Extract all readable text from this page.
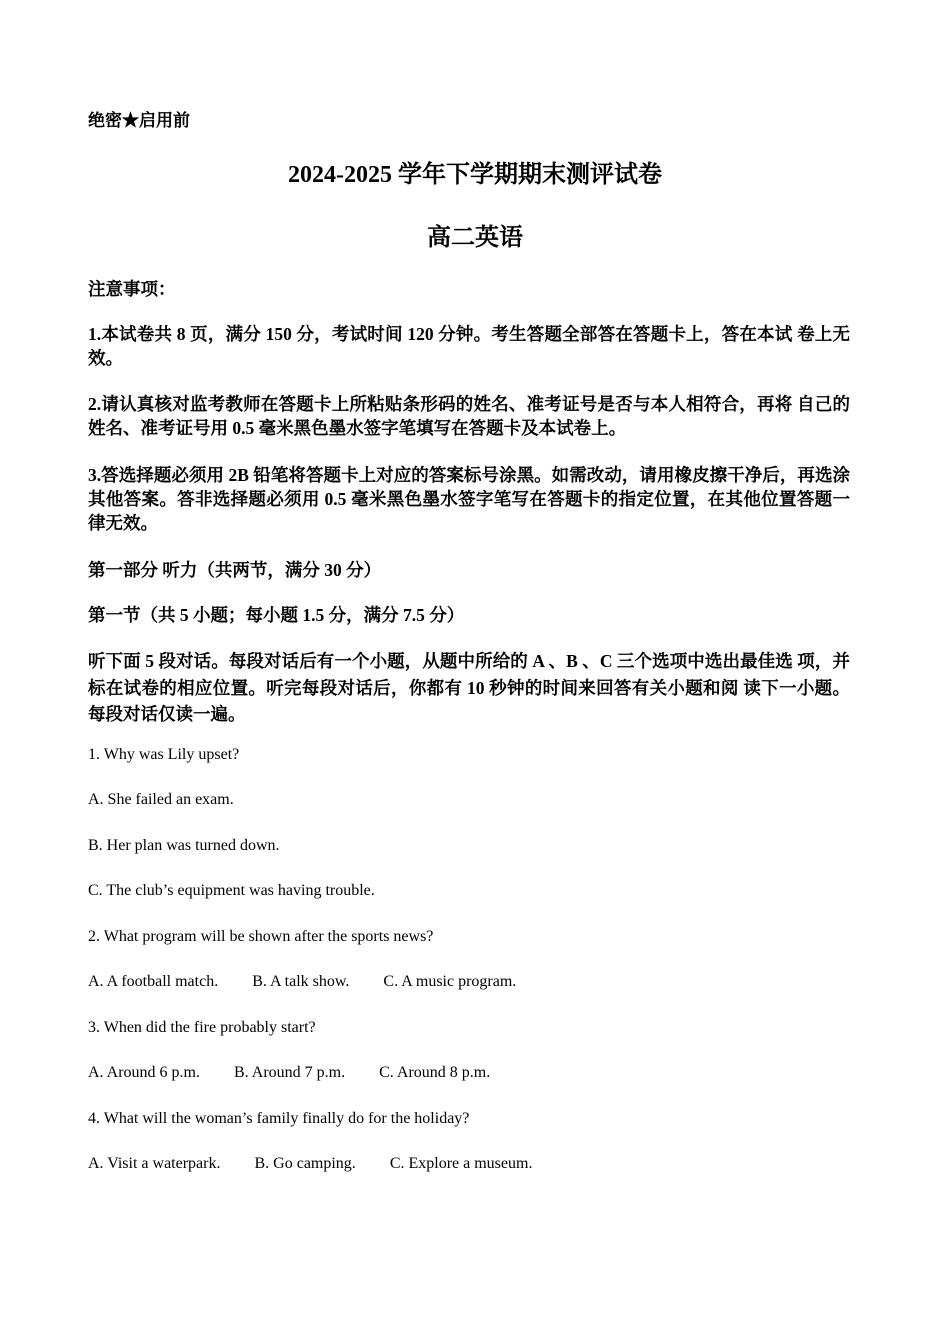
绝密★启用前
2024-2025 学年下学期期末测评试卷
高二英语
注意事项：
1.本试卷共 8 页，满分 150 分，考试时间 120 分钟。考生答题全部答在答题卡上，答在本试 卷上无效。
2.请认真核对监考教师在答题卡上所粘贴条形码的姓名、准考证号是否与本人相符合，再将 自己的姓名、准考证号用 0.5 毫米黑色墨水签字笔填写在答题卡及本试卷上。
3.答选择题必须用 2B 铅笔将答题卡上对应的答案标号涂黑。如需改动，请用橡皮擦干净后，再选涂其他答案。答非选择题必须用 0.5 毫米黑色墨水签字笔写在答题卡的指定位置，在其他位置答题一律无效。
第一部分 听力（共两节，满分 30 分）
第一节（共 5 小题；每小题 1.5 分，满分 7.5 分）
听下面 5 段对话。每段对话后有一个小题，从题中所给的 A 、B 、C 三个选项中选出最佳选 项，并标在试卷的相应位置。听完每段对话后，你都有 10 秒钟的时间来回答有关小题和阅 读下一小题。每段对话仅读一遍。
1. Why was Lily upset?
A. She failed an exam.
B. Her plan was turned down.
C. The club’s equipment was having trouble.
2. What program will be shown after the sports news?
A. A football match. B. A talk show. C. A music program.
3. When did the fire probably start?
A. Around 6 p.m. B. Around 7 p.m. C. Around 8 p.m.
4. What will the woman’s family finally do for the holiday?
A. Visit a waterpark. B. Go camping. C. Explore a museum.
